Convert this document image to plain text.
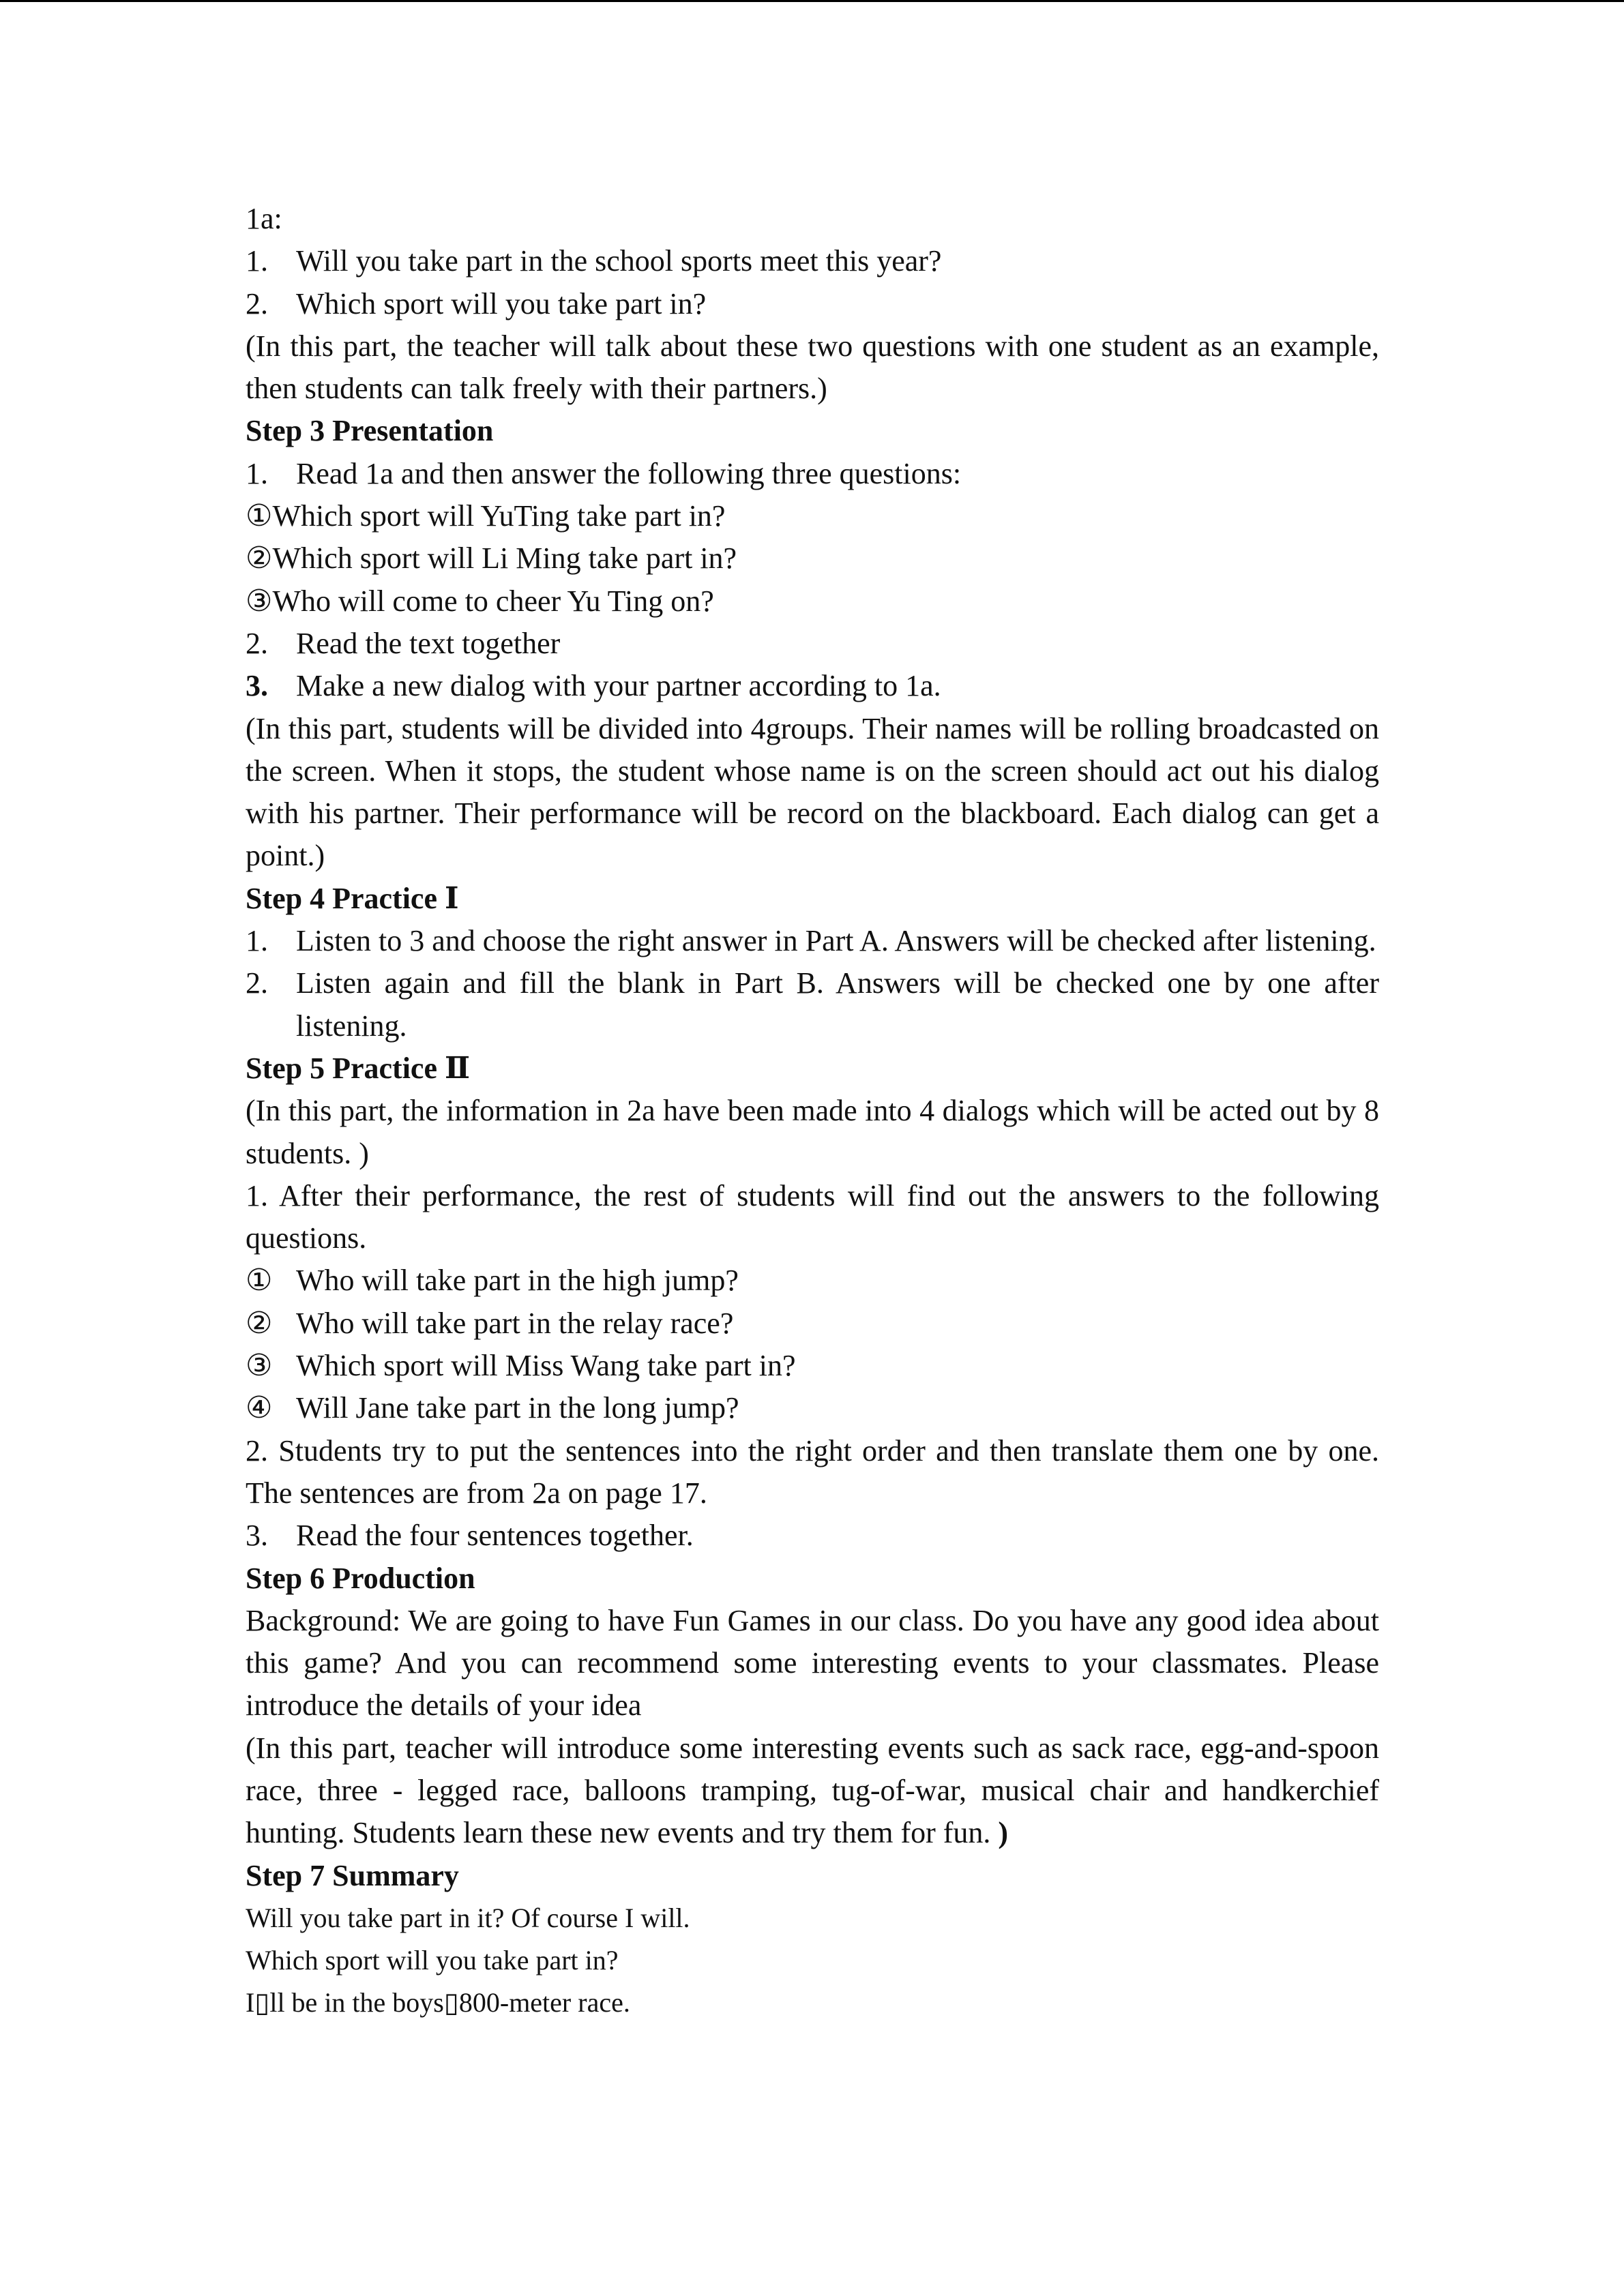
1a:

1. Will you take part in the school sports meet this year?
2. Which sport will you take part in?

(In this part, the teacher will talk about these two questions with one student as an example, then students can talk freely with their partners.)

Step 3 Presentation

1. Read 1a and then answer the following three questions:

①Which sport will YuTing take part in?

②Which sport will Li Ming take part in?

③Who will come to cheer Yu Ting on?

2. Read the text together
3. Make a new dialog with your partner according to 1a.

(In this part, students will be divided into 4groups. Their names will be rolling broadcasted on the screen. When it stops, the student whose name is on the screen should act out his dialog with his partner. Their performance will be record on the blackboard. Each dialog can get a point.)

Step 4 Practice Ⅰ

1. Listen to 3 and choose the right answer in Part A. Answers will be checked after listening.
2. Listen again and fill the blank in Part B. Answers will be checked one by one after listening.

Step 5 Practice Ⅱ

(In this part, the information in 2a have been made into 4 dialogs which will be acted out by 8 students. )

1. After their performance, the rest of students will find out the answers to the following questions.

① Who will take part in the high jump?

② Who will take part in the relay race?

③ Which sport will Miss Wang take part in?

④ Will Jane take part in the long jump?

2. Students try to put the sentences into the right order and then translate them one by one. The sentences are from 2a on page 17.

3. Read the four sentences together.

Step 6 Production

Background: We are going to have Fun Games in our class. Do you have any good idea about this game? And you can recommend some interesting events to your classmates. Please introduce the details of your idea

(In this part, teacher will introduce some interesting events such as sack race, egg-and-spoon race, three - legged race, balloons tramping, tug-of-war, musical chair and handkerchief hunting. Students learn these new events and try them for fun. )

Step 7 Summary

Will you take part in it? Of course I will.

Which sport will you take part in?

I▯ll be in the boys▯800-meter race.
